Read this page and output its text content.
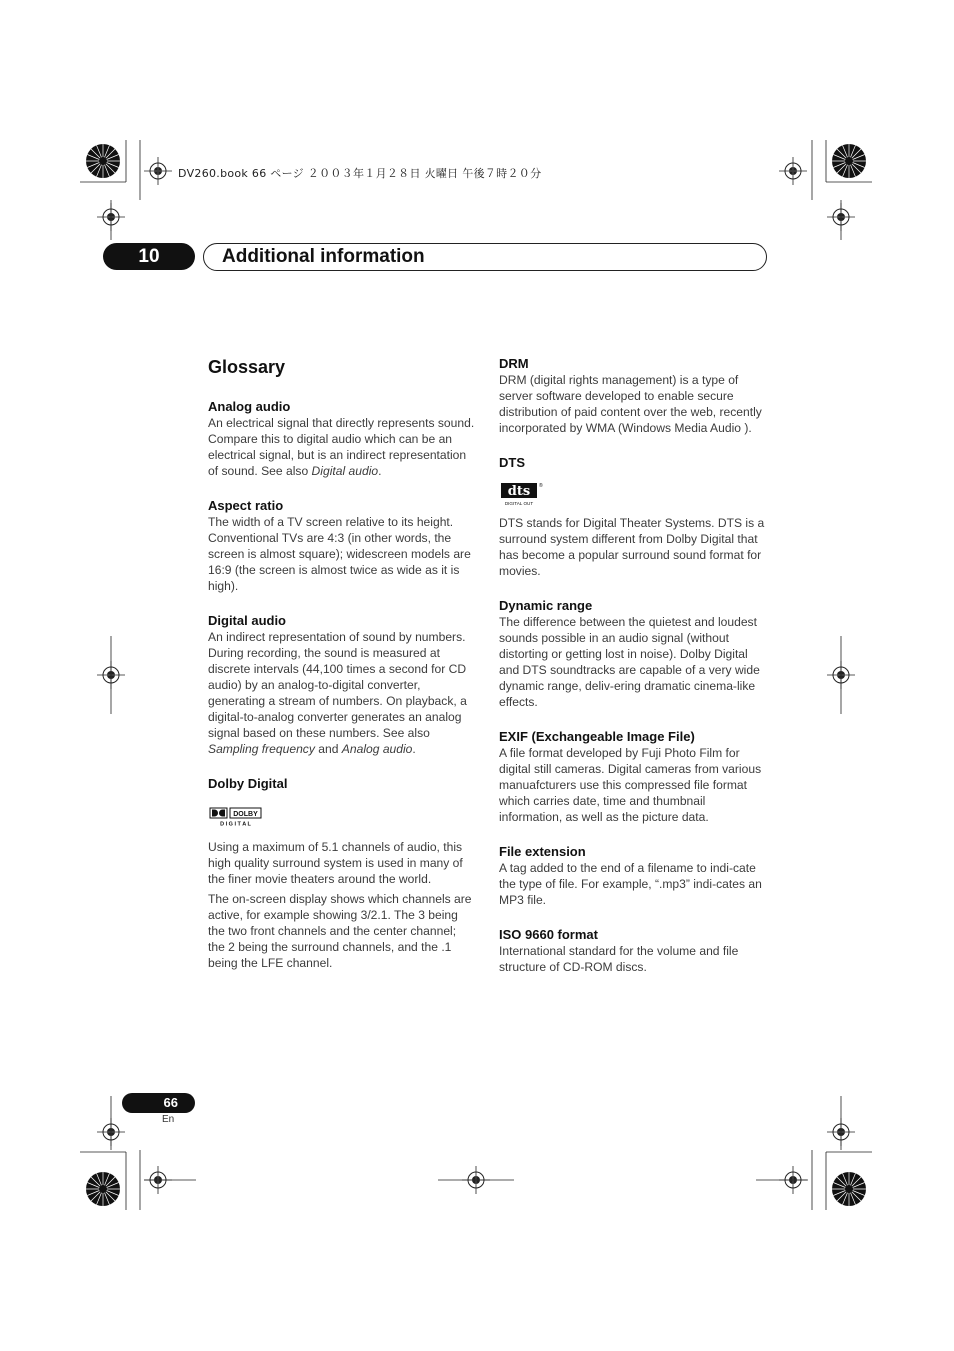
DV260.book 66 ページ ２００３年１月２８日 火曜日 午後７時２０分
10	Additional information
Glossary

Analog audio

An electrical signal that directly represents sound. Compare this to digital audio which can be an electrical signal, but is an indirect representation of sound. See also Digital audio.

Aspect ratio

The width of a TV screen relative to its height. Conventional TVs are 4:3 (in other words, the screen is almost square); widescreen models are 16:9 (the screen is almost twice as wide as it is high).

Digital audio

An indirect representation of sound by numbers. During recording, the sound is measured at discrete intervals (44,100 times a second for CD audio) by an analog-to-digital converter, generating a stream of numbers. On playback, a digital-to-analog converter generates an analog signal based on these numbers. See also Sampling frequency and Analog audio.

Dolby Digital

DOLBY
D I G I T A L

Using a maximum of 5.1 channels of audio, this high quality surround system is used in many of the finer movie theaters around the world.

The on-screen display shows which channels are active, for example showing 3/2.1. The 3 being the two front channels and the center channel; the 2 being the surround channels, and the .1 being the LFE channel.

DRM

DRM (digital rights management) is a type of server software developed to enable secure distribution of paid content over the web, recently incorporated by WMA (Windows Media Audio ).

DTS

dts
DIGITAL OUT
®

DTS stands for Digital Theater Systems. DTS is a surround system different from Dolby Digital that has become a popular surround sound format for movies.

Dynamic range

The difference between the quietest and loudest sounds possible in an audio signal (without distorting or getting lost in noise). Dolby Digital and DTS soundtracks are capable of a very wide dynamic range, deliv-ering dramatic cinema-like effects.

EXIF (Exchangeable Image File)

A file format developed by Fuji Photo Film for digital still cameras. Digital cameras from various manuafcturers use this compressed file format which carries date, time and thumbnail information, as well as the picture data.

File extension

A tag added to the end of a filename to indi-cate the type of file. For example, “.mp3” indi-cates an MP3 file.

ISO 9660 format

International standard for the volume and file structure of CD-ROM discs.

66
En
